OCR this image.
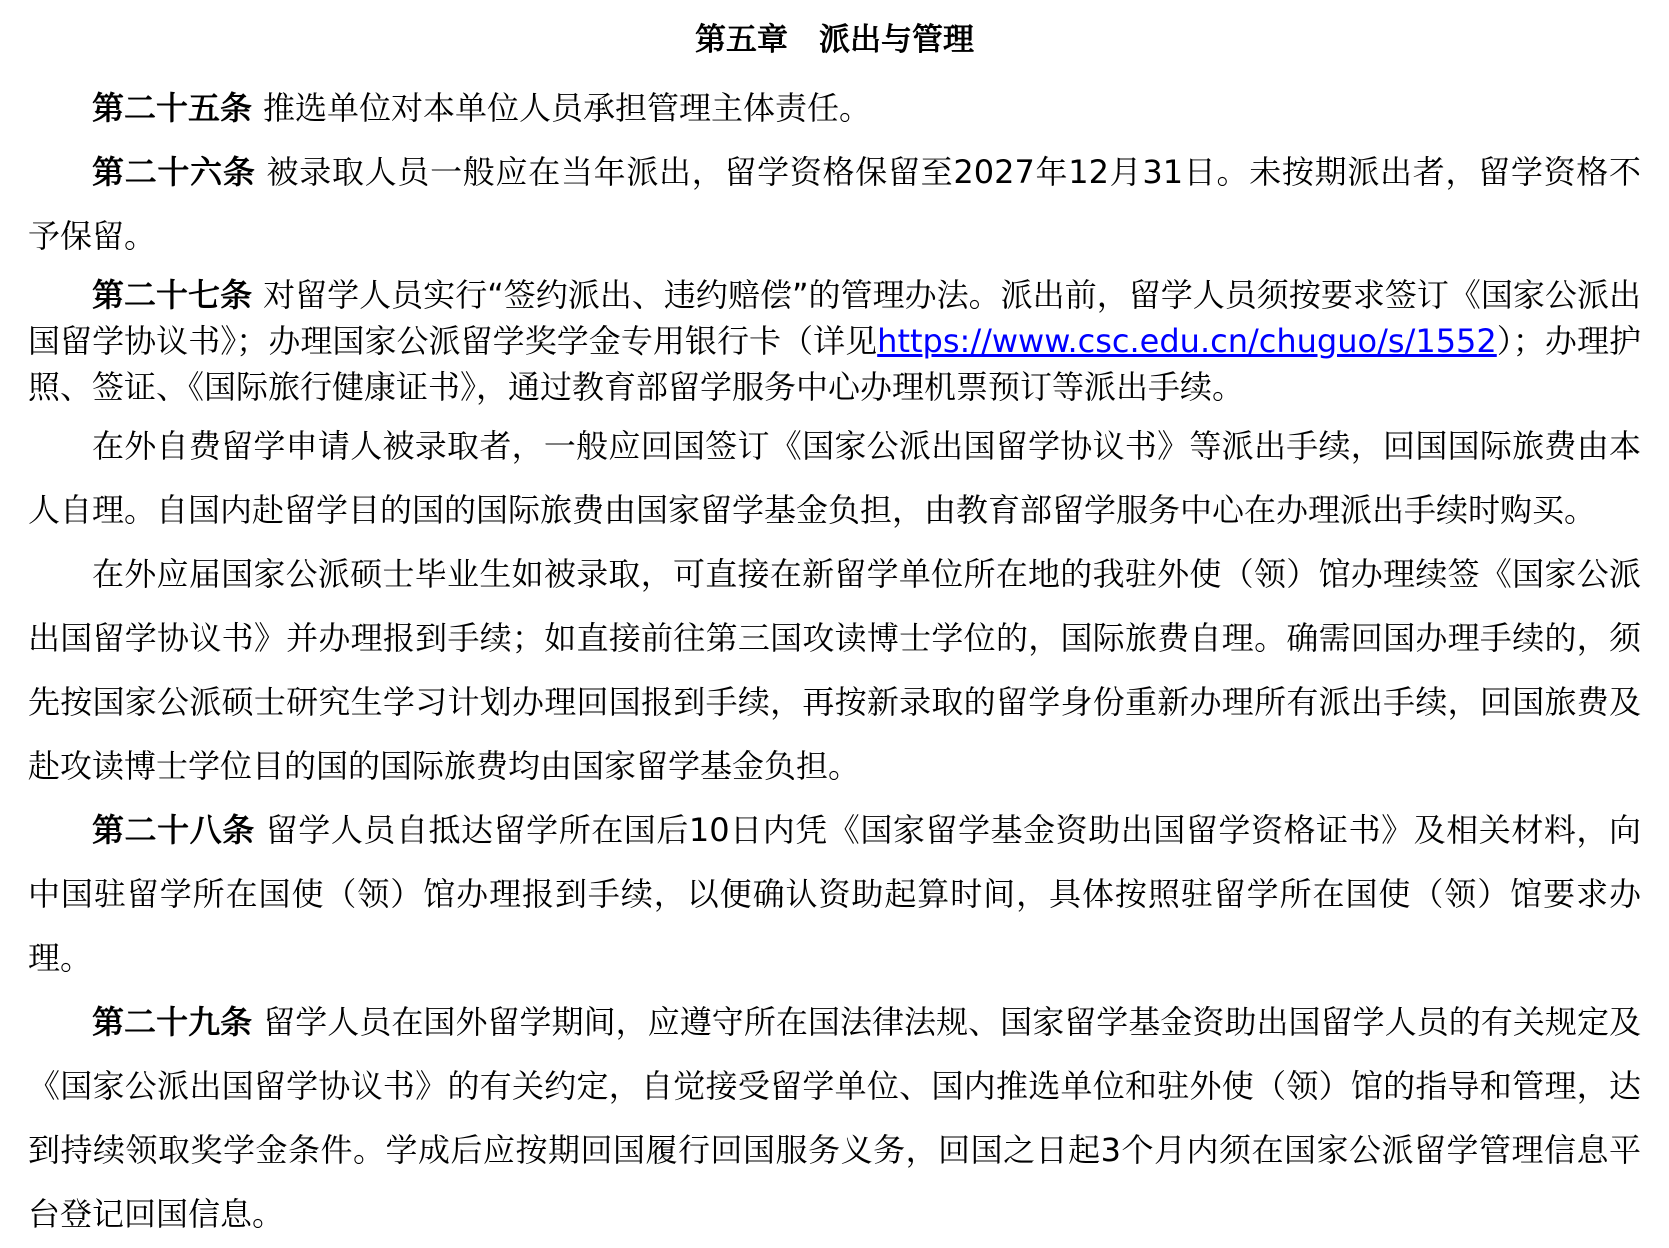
第五章　派出与管理

第二十五条 推选单位对本单位人员承担管理主体责任。

第二十六条 被录取人员一般应在当年派出，留学资格保留至2027年12月31日。未按期派出者，留学资格不予保留。

第二十七条 对留学人员实行“签约派出、违约赔偿”的管理办法。派出前，留学人员须按要求签订《国家公派出国留学协议书》；办理国家公派留学奖学金专用银行卡（详见https://www.csc.edu.cn/chuguo/s/1552）；办理护照、签证、《国际旅行健康证书》，通过教育部留学服务中心办理机票预订等派出手续。

在外自费留学申请人被录取者，一般应回国签订《国家公派出国留学协议书》等派出手续，回国国际旅费由本人自理。自国内赴留学目的国的国际旅费由国家留学基金负担，由教育部留学服务中心在办理派出手续时购买。

在外应届国家公派硕士毕业生如被录取，可直接在新留学单位所在地的我驻外使（领）馆办理续签《国家公派出国留学协议书》并办理报到手续；如直接前往第三国攻读博士学位的，国际旅费自理。确需回国办理手续的，须先按国家公派硕士研究生学习计划办理回国报到手续，再按新录取的留学身份重新办理所有派出手续，回国旅费及赴攻读博士学位目的国的国际旅费均由国家留学基金负担。

第二十八条 留学人员自抵达留学所在国后10日内凭《国家留学基金资助出国留学资格证书》及相关材料，向中国驻留学所在国使（领）馆办理报到手续，以便确认资助起算时间，具体按照驻留学所在国使（领）馆要求办理。

第二十九条 留学人员在国外留学期间，应遵守所在国法律法规、国家留学基金资助出国留学人员的有关规定及《国家公派出国留学协议书》的有关约定，自觉接受留学单位、国内推选单位和驻外使（领）馆的指导和管理，达到持续领取奖学金条件。学成后应按期回国履行回国服务义务，回国之日起3个月内须在国家公派留学管理信息平台登记回国信息。
